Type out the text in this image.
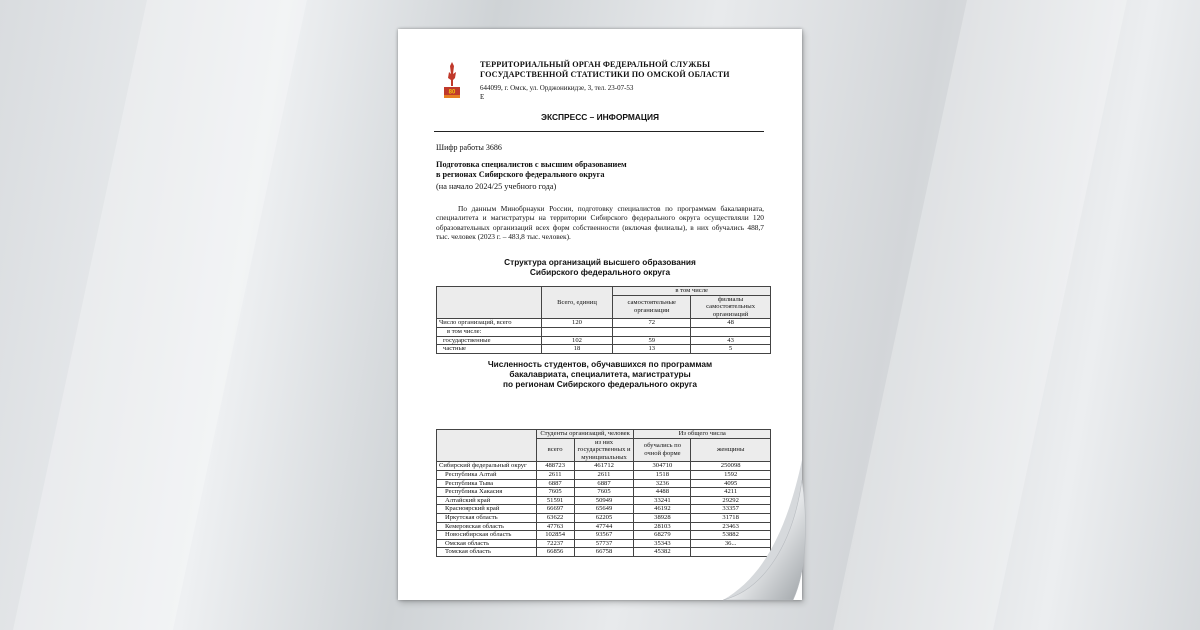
80
ТЕРРИТОРИАЛЬНЫЙ ОРГАН ФЕДЕРАЛЬНОЙ СЛУЖБЫ
ГОСУДАРСТВЕННОЙ СТАТИСТИКИ ПО ОМСКОЙ ОБЛАСТИ
644099, г. Омск, ул. Орджоникидзе, 3, тел. 23-07-53
Е
ЭКСПРЕСС – ИНФОРМАЦИЯ
Шифр работы 3686
Подготовка специалистов с высшим образованием
в регионах Сибирского федерального округа
(на начало 2024/25 учебного года)
По данным Минобрнауки России, подготовку специалистов по программам бакалавриата, специалитета и магистратуры на территории Сибирского федерального округа осуществляли 120 образовательных организаций всех форм собственности (включая филиалы), в них обучались 488,7 тыс. человек (2023 г. – 483,8 тыс. человек).
Структура организаций высшего образования
Сибирского федерального округа
	Всего, единиц	в том числе	
		самостоятельные организации	филиалы самостоятельных организаций
Число организаций, всего	120	72	48
в том числе:			
государственные	102	59	43
частные	18	13	5
Численность студентов, обучавшихся по программам
бакалавриата, специалитета, магистратуры
по регионам Сибирского федерального округа
	Студенты организаций, человек		Из общего числа	
	всего	из них государственных и муниципальных	обучались по очной форме	женщины
Сибирский федеральный округ	488723	461712	304710	250098
Республика Алтай	2611	2611	1518	1592
Республика Тыва	6887	6887	3236	4095
Республика Хакасия	7605	7605	4488	4211
Алтайский край	51591	50949	33241	29292
Красноярский край	66697	65649	46192	33357
Иркутская область	63622	62205	38928	31718
Кемеровская область	47763	47744	28103	23463
Новосибирская область	102854	93567	68279	53882
Омская область	72237	57737	35343	36...
Томская область	66856	66758	45382	
